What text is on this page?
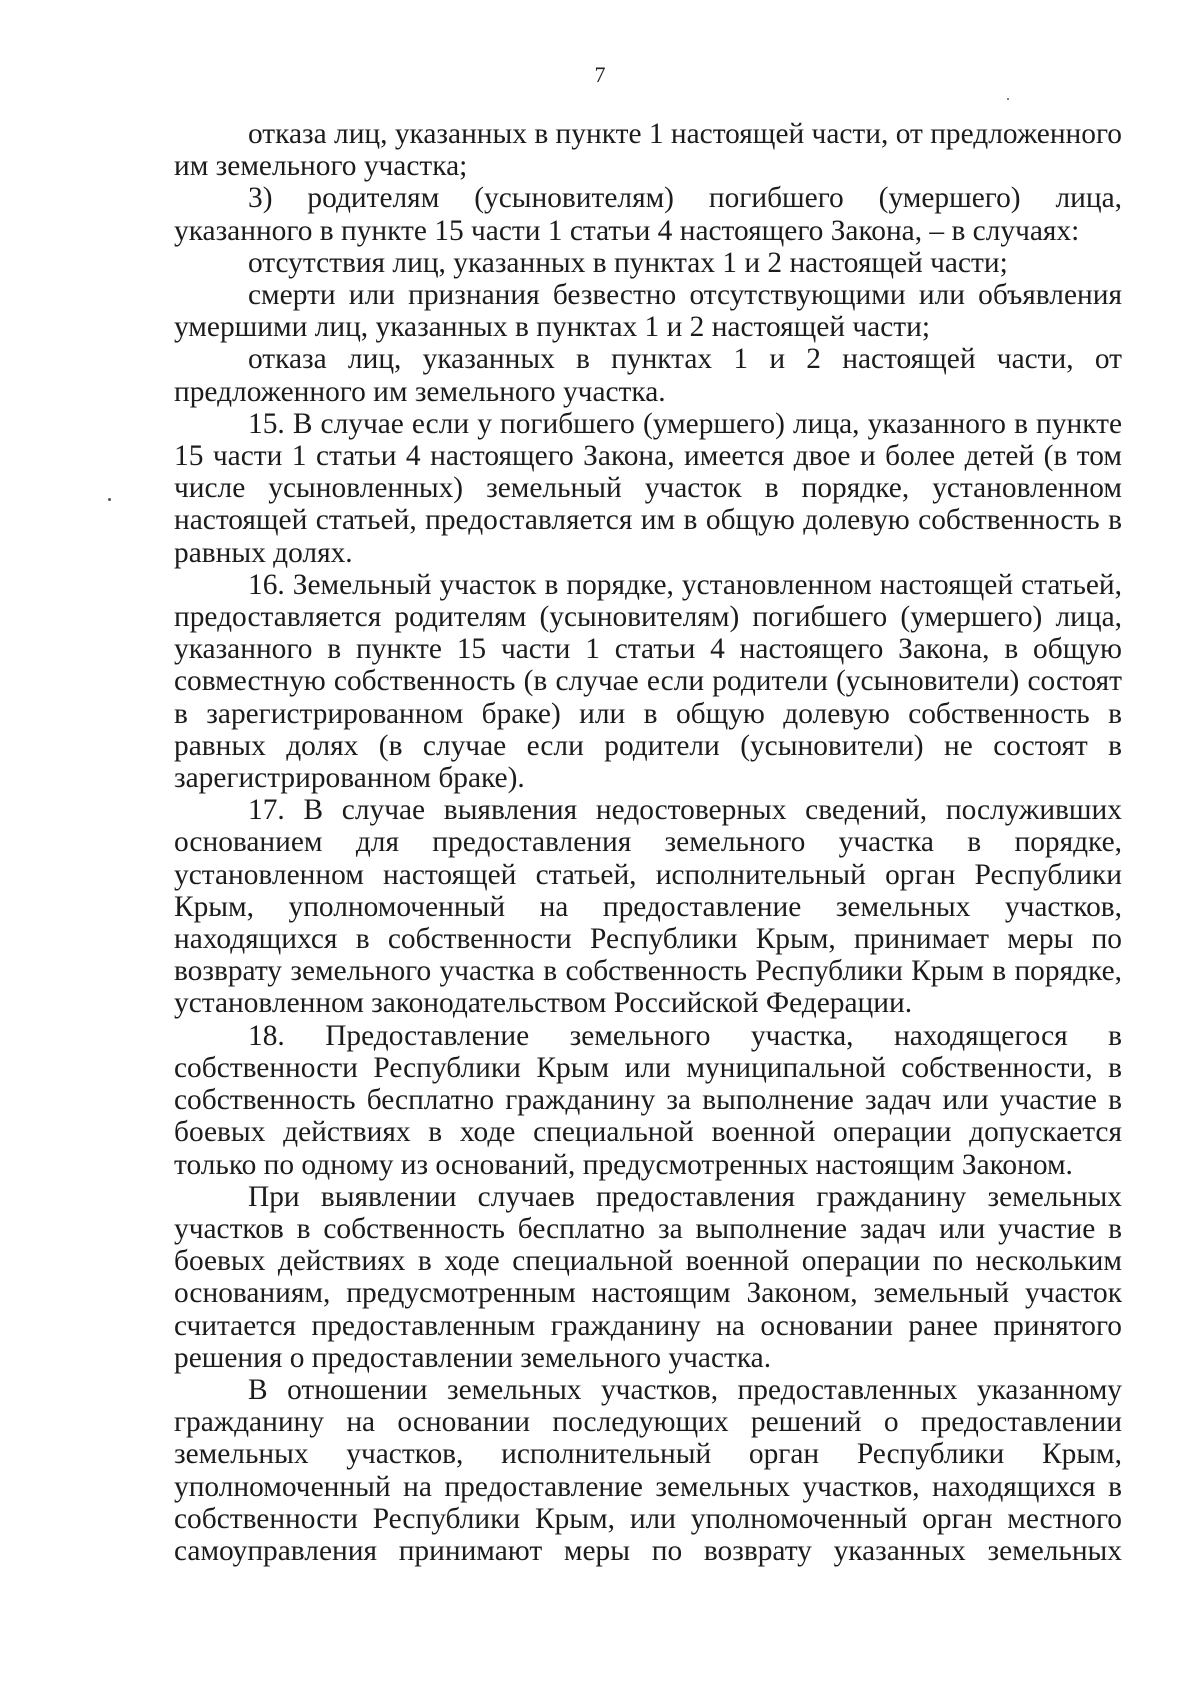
7

отказа лиц, указанных в пункте 1 настоящей части, от предложенного им земельного участка;

3) родителям (усыновителям) погибшего (умершего) лица, указанного в пункте 15 части 1 статьи 4 настоящего Закона, – в случаях:

отсутствия лиц, указанных в пунктах 1 и 2 настоящей части;

смерти или признания безвестно отсутствующими или объявления умершими лиц, указанных в пунктах 1 и 2 настоящей части;

отказа лиц, указанных в пунктах 1 и 2 настоящей части, от предложенного им земельного участка.

15. В случае если у погибшего (умершего) лица, указанного в пункте 15 части 1 статьи 4 настоящего Закона, имеется двое и более детей (в том числе усыновленных) земельный участок в порядке, установленном настоящей статьей, предоставляется им в общую долевую собственность в равных долях.

16. Земельный участок в порядке, установленном настоящей статьей, предоставляется родителям (усыновителям) погибшего (умершего) лица, указанного в пункте 15 части 1 статьи 4 настоящего Закона, в общую совместную собственность (в случае если родители (усыновители) состоят в зарегистрированном браке) или в общую долевую собственность в равных долях (в случае если родители (усыновители) не состоят в зарегистрированном браке).

17. В случае выявления недостоверных сведений, послуживших основанием для предоставления земельного участка в порядке, установленном настоящей статьей, исполнительный орган Республики Крым, уполномоченный на предоставление земельных участков, находящихся в собственности Республики Крым, принимает меры по возврату земельного участка в собственность Республики Крым в порядке, установленном законодательством Российской Федерации.

18. Предоставление земельного участка, находящегося в собственности Республики Крым или муниципальной собственности, в собственность бесплатно гражданину за выполнение задач или участие в боевых действиях в ходе специальной военной операции допускается только по одному из оснований, предусмотренных настоящим Законом.

При выявлении случаев предоставления гражданину земельных участков в собственность бесплатно за выполнение задач или участие в боевых действиях в ходе специальной военной операции по нескольким основаниям, предусмотренным настоящим Законом, земельный участок считается предоставленным гражданину на основании ранее принятого решения о предоставлении земельного участка.

В отношении земельных участков, предоставленных указанному гражданину на основании последующих решений о предоставлении земельных участков, исполнительный орган Республики Крым, уполномоченный на предоставление земельных участков, находящихся в собственности Республики Крым, или уполномоченный орган местного самоуправления принимают меры по возврату указанных земельных
